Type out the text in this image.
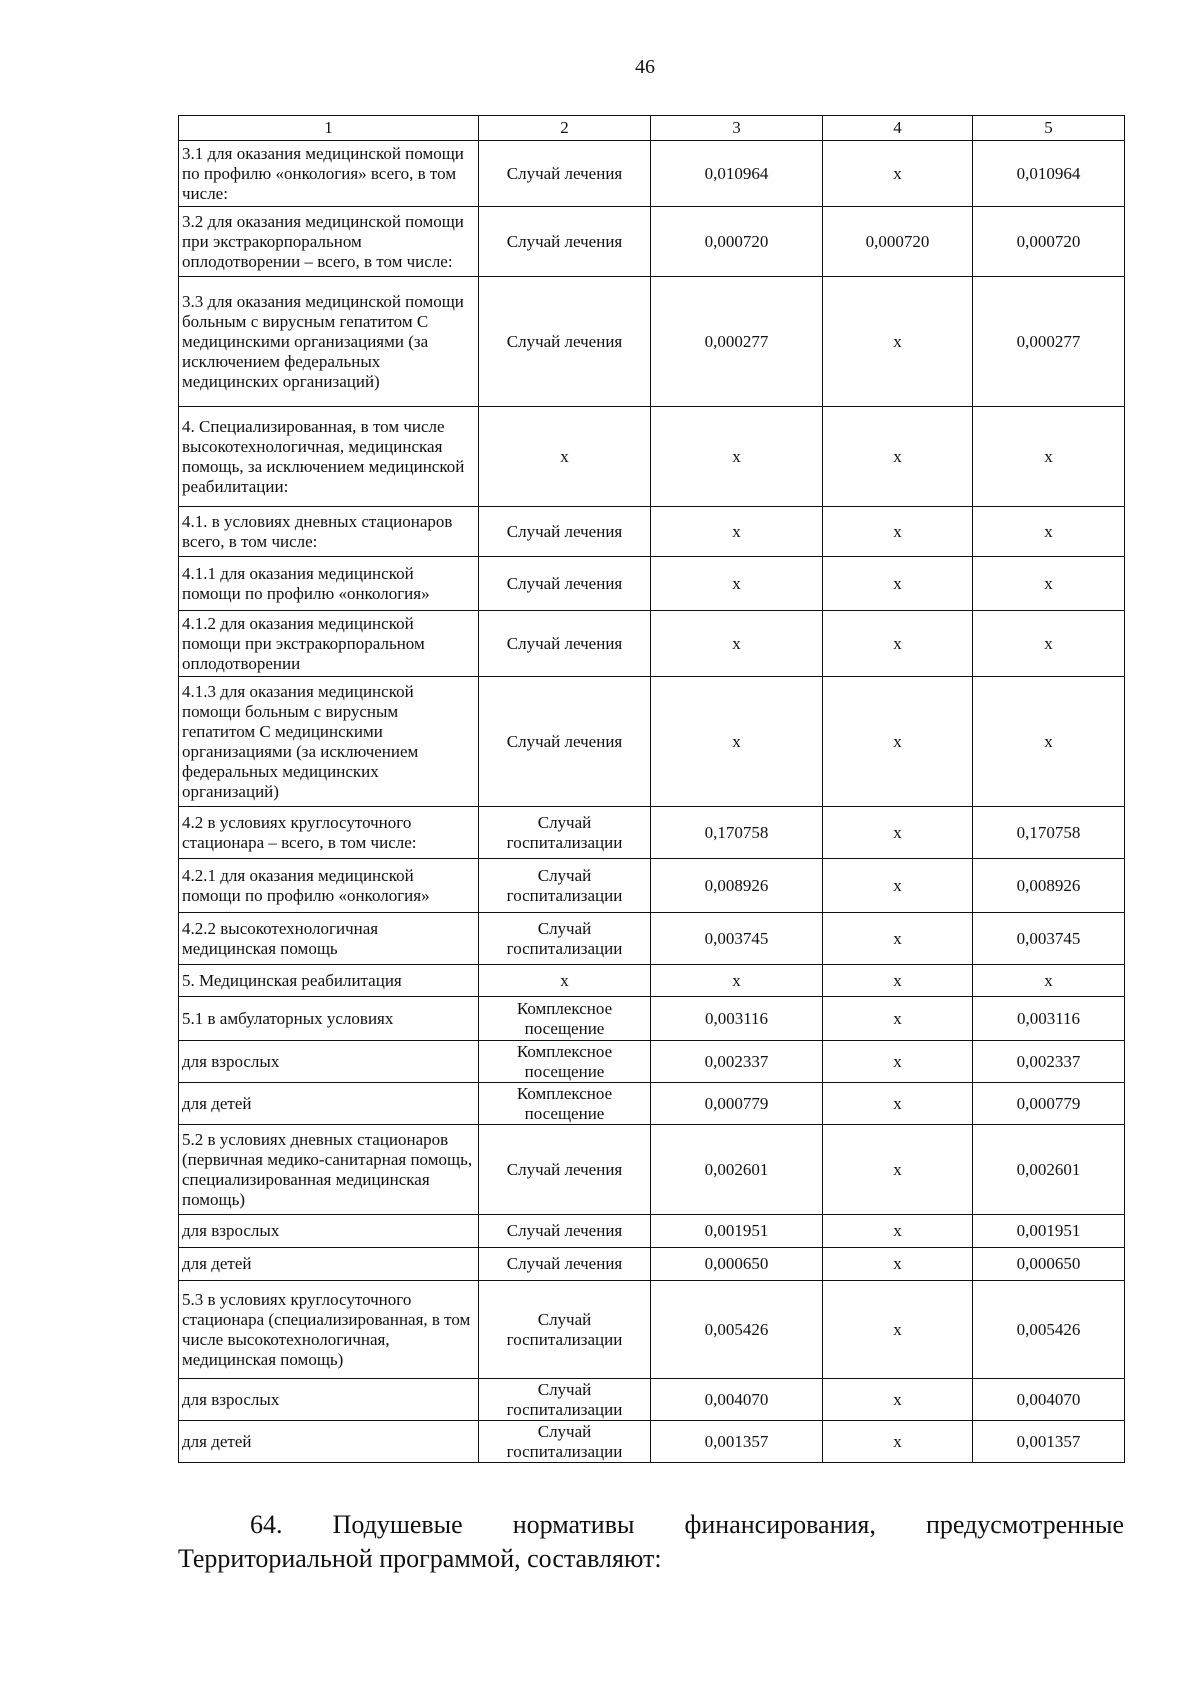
46
1	2	3	4	5
3.1 для оказания медицинской помощи по профилю «онкология» всего, в том числе:	Случай лечения	0,010964	х	0,010964
3.2 для оказания медицинской помощи при экстракорпоральном оплодотворении – всего, в том числе:	Случай лечения	0,000720	0,000720	0,000720
3.3 для оказания медицинской помощи больным с вирусным гепатитом С медицинскими организациями (за исключением федеральных медицинских организаций)	Случай лечения	0,000277	х	0,000277
4. Специализированная, в том числе высокотехнологичная, медицинская помощь, за исключением медицинской реабилитации:	х	х	х	х
4.1. в условиях дневных стационаров всего, в том числе:	Случай лечения	х	х	х
4.1.1 для оказания медицинской помощи по профилю «онкология»	Случай лечения	х	х	х
4.1.2 для оказания медицинской помощи при экстракорпоральном оплодотворении	Случай лечения	х	х	х
4.1.3 для оказания медицинской помощи больным с вирусным гепатитом С медицинскими организациями (за исключением федеральных медицинских организаций)	Случай лечения	х	х	х
4.2 в условиях круглосуточного стационара – всего, в том числе:	Случай госпитализации	0,170758	х	0,170758
4.2.1 для оказания медицинской помощи по профилю «онкология»	Случай госпитализации	0,008926	х	0,008926
4.2.2 высокотехнологичная медицинская помощь	Случай госпитализации	0,003745	х	0,003745
5. Медицинская реабилитация	х	х	х	х
5.1 в амбулаторных условиях	Комплексное посещение	0,003116	х	0,003116
для взрослых	Комплексное посещение	0,002337	х	0,002337
для детей	Комплексное посещение	0,000779	х	0,000779
5.2 в условиях дневных стационаров (первичная медико-санитарная помощь, специализированная медицинская помощь)	Случай лечения	0,002601	х	0,002601
для взрослых	Случай лечения	0,001951	х	0,001951
для детей	Случай лечения	0,000650	х	0,000650
5.3 в условиях круглосуточного стационара (специализированная, в том числе высокотехнологичная, медицинская помощь)	Случай госпитализации	0,005426	х	0,005426
для взрослых	Случай госпитализации	0,004070	х	0,004070
для детей	Случай госпитализации	0,001357	х	0,001357
64. Подушевые нормативы финансирования, предусмотренные
Территориальной программой, составляют:
